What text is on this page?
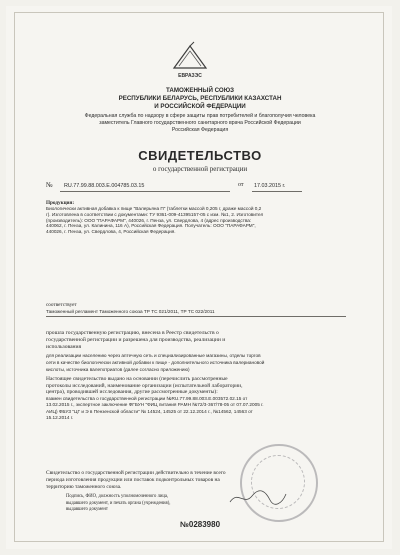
ЕВРАЗЭС
ТАМОЖЕННЫЙ СОЮЗ
РЕСПУБЛИКИ БЕЛАРУСЬ, РЕСПУБЛИКИ КАЗАХСТАН
И РОССИЙСКОЙ ФЕДЕРАЦИИ
Федеральная служба по надзору в сфере защиты прав потребителей и благополучия человека
заместитель Главного государственного санитарного врача Российской Федерации
Российская Федерация
СВИДЕТЕЛЬСТВО
о государственной регистрации
№ RU.77.99.88.003.E.004785.03.15	от 17.03.2015 г.
Продукция:
Биологически активная добавка к пище "Валерьяна П" (таблетки массой 0,205 г, драже массой 0,2
г). Изготовлена в соответствии с документами: ТУ 9361-009-41395157-05 с изм. №1, 2. Изготовител
(производитель): ООО "ПАРАФАРМ", 440026, г. Пенза, ул. Свердлова, 4 (адрес производства:
440062, г. Пенза, ул. Калинина, 116 А), Российская Федерация. Получатель: ООО "ПАРАФАРМ",
440026, г. Пенза, ул. Свердлова, 4, Российская Федерация.
соответствует
Таможенный регламент Таможенного союза ТР ТС 021/2011, ТР ТС 022/2011
прошла государственную регистрацию, внесена в Реестр свидетельств о
государственной регистрации и разрешена для производства, реализации и
использования
для реализации населению через аптечную сеть и специализированные магазины, отделы торгов
сети в качестве биологически активной добавки к пище - дополнительного источника валериановой
кислоты, источника валепотриатов (далее согласно приложению)
Настоящее свидетельство выдано на основании (перечислить рассмотренные
протоколы исследований, наименование организации (испытательной лаборатории,
центра), проводившей исследования, другие рассмотренные документы):
взамен свидетельства о государственной регистрации №RU.77.99.88.003.E.003572.02.15 от
13.02.2015 г., экспертное заключение ФГБУН "ФИЦ питания РАМН №72/3-367/78-05 от 07.07.2005 г.
АИЦ) ФБУЗ "ЦГ и Э в Пензенской области" № 14524, 14525 от 22.12.2014 г., №14562, 14563 от
15.12.2014 г.
Свидетельство о государственной регистрации действительно в течение всего
периода изготовления продукции или поставок подконтрольных товаров на
территорию таможенного союза.
Подпись, ФИО, должность уполномоченного лица,
выдавшего документ, и печать органа (учреждения),
выдавшего документ
№0283980
